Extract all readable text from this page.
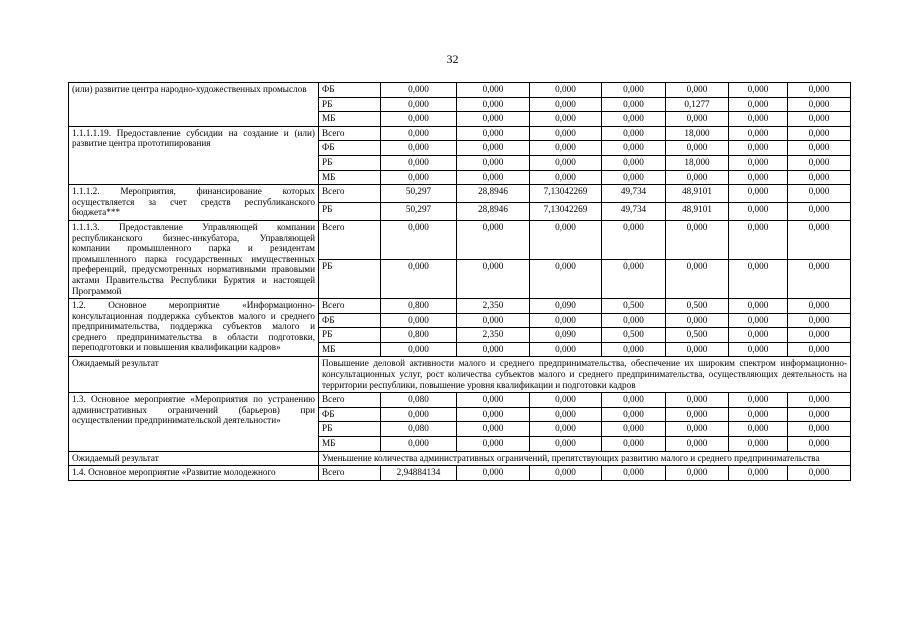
32
(или) развитие центра народно-художественных промыслов	ФБ	0,000	0,000	0,000	0,000	0,000	0,000	0,000
	РБ	0,000	0,000	0,000	0,000	0,1277	0,000	0,000
	МБ	0,000	0,000	0,000	0,000	0,000	0,000	0,000
1.1.1.1.19. Предоставление субсидии на создание и (или) развитие центра прототипирования	Всего	0,000	0,000	0,000	0,000	18,000	0,000	0,000
	ФБ	0,000	0,000	0,000	0,000	0,000	0,000	0,000
	РБ	0,000	0,000	0,000	0,000	18,000	0,000	0,000
	МБ	0,000	0,000	0,000	0,000	0,000	0,000	0,000
1.1.1.2. Мероприятия, финансирование которых осуществляется за счет средств республиканского бюджета***	Всего	50,297	28,8946	7,13042269	49,734	48,9101	0,000	0,000
	РБ	50,297	28,8946	7,13042269	49,734	48,9101	0,000	0,000
1.1.1.3. Предоставление Управляющей компании республиканского бизнес-инкубатора, Управляющей компании промышленного парка и резидентам промышленного парка государственных имущественных преференций, предусмотренных нормативными правовыми актами Правительства Республики Бурятия и настоящей Программой	Всего	0,000	0,000	0,000	0,000	0,000	0,000	0,000
	РБ	0,000	0,000	0,000	0,000	0,000	0,000	0,000
1.2. Основное мероприятие «Информационно-консультационная поддержка субъектов малого и среднего предпринимательства, поддержка субъектов малого и среднего предпринимательства в области подготовки, переподготовки и повышения квалификации кадров»	Всего	0,800	2,350	0,090	0,500	0,500	0,000	0,000
	ФБ	0,000	0,000	0,000	0,000	0,000	0,000	0,000
	РБ	0,800	2,350	0,090	0,500	0,500	0,000	0,000
	МБ	0,000	0,000	0,000	0,000	0,000	0,000	0,000
Ожидаемый результат	Повышение деловой активности малого и среднего предпринимательства, обеспечение их широким спектром информационно-консультационных услуг, рост количества субъектов малого и среднего предпринимательства, осуществляющих деятельность на территории республики, повышение уровня квалификации и подготовки кадров							
1.3. Основное мероприятие «Мероприятия по устранению административных ограничений (барьеров) при осуществлении предпринимательской деятельности»	Всего	0,080	0,000	0,000	0,000	0,000	0,000	0,000
	ФБ	0,000	0,000	0,000	0,000	0,000	0,000	0,000
	РБ	0,080	0,000	0,000	0,000	0,000	0,000	0,000
	МБ	0,000	0,000	0,000	0,000	0,000	0,000	0,000
Ожидаемый результат	Уменьшение количества административных ограничений, препятствующих развитию малого и среднего предпринимательства							
1.4. Основное мероприятие «Развитие молодежного	Всего	2,94884134	0,000	0,000	0,000	0,000	0,000	0,000
